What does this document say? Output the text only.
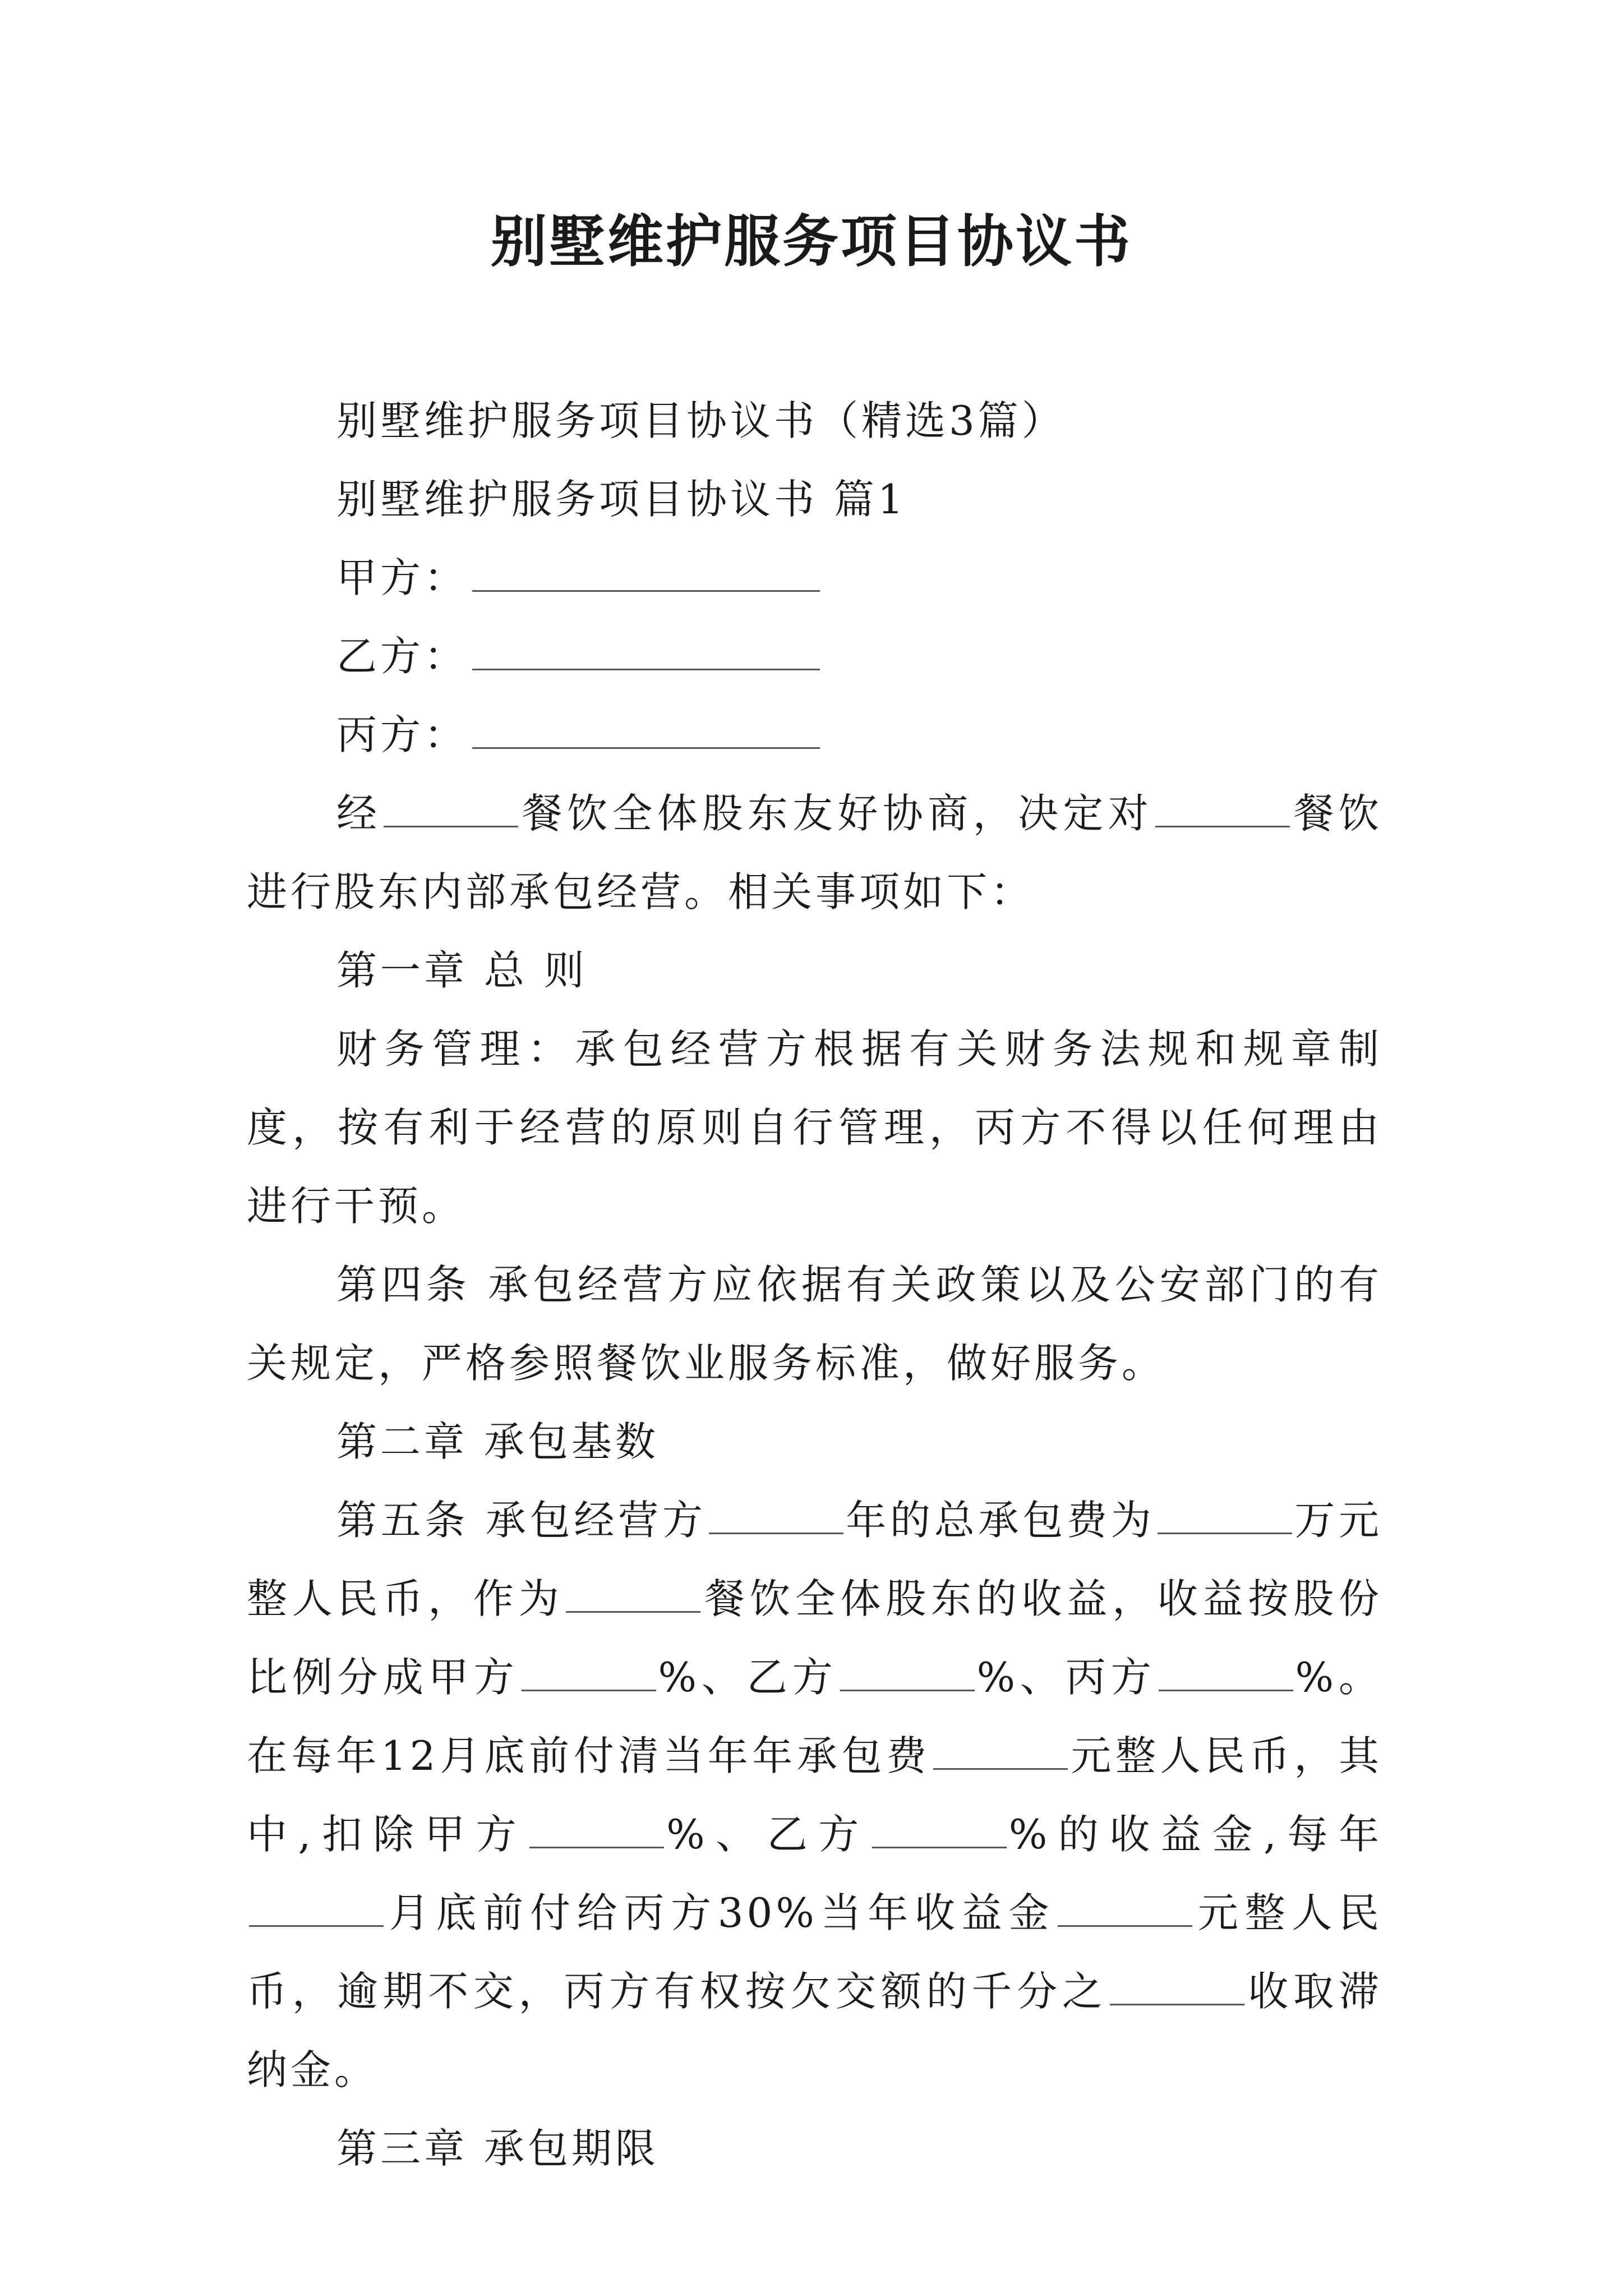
别墅维护服务项目协议书

别墅维护服务项目协议书（精选3篇）

别墅维护服务项目协议书 篇1

甲方：

乙方：

丙方：

经	餐饮全体股东友好协商，决定对	餐饮进行股东内部承包经营。相关事项如下：

第一章 总 则

财务管理：承包经营方根据有关财务法规和规章制度，按有利于经营的原则自行管理，丙方不得以任何理由进行干预。

第四条 承包经营方应依据有关政策以及公安部门的有关规定，严格参照餐饮业服务标准，做好服务。

第二章 承包基数

第五条 承包经营方	年的总承包费为	万元整人民币，作为	餐饮全体股东的收益，收益按股份比例分成甲方	%、乙方	%、丙方	%。在每年12月底前付清当年年承包费	元整人民币，其中,扣除甲方	%、乙方	%的收益金,每年月底前付给丙方30%当年收益金	元整人民币，逾期不交，丙方有权按欠交额的千分之	收取滞纳金。

第三章 承包期限
